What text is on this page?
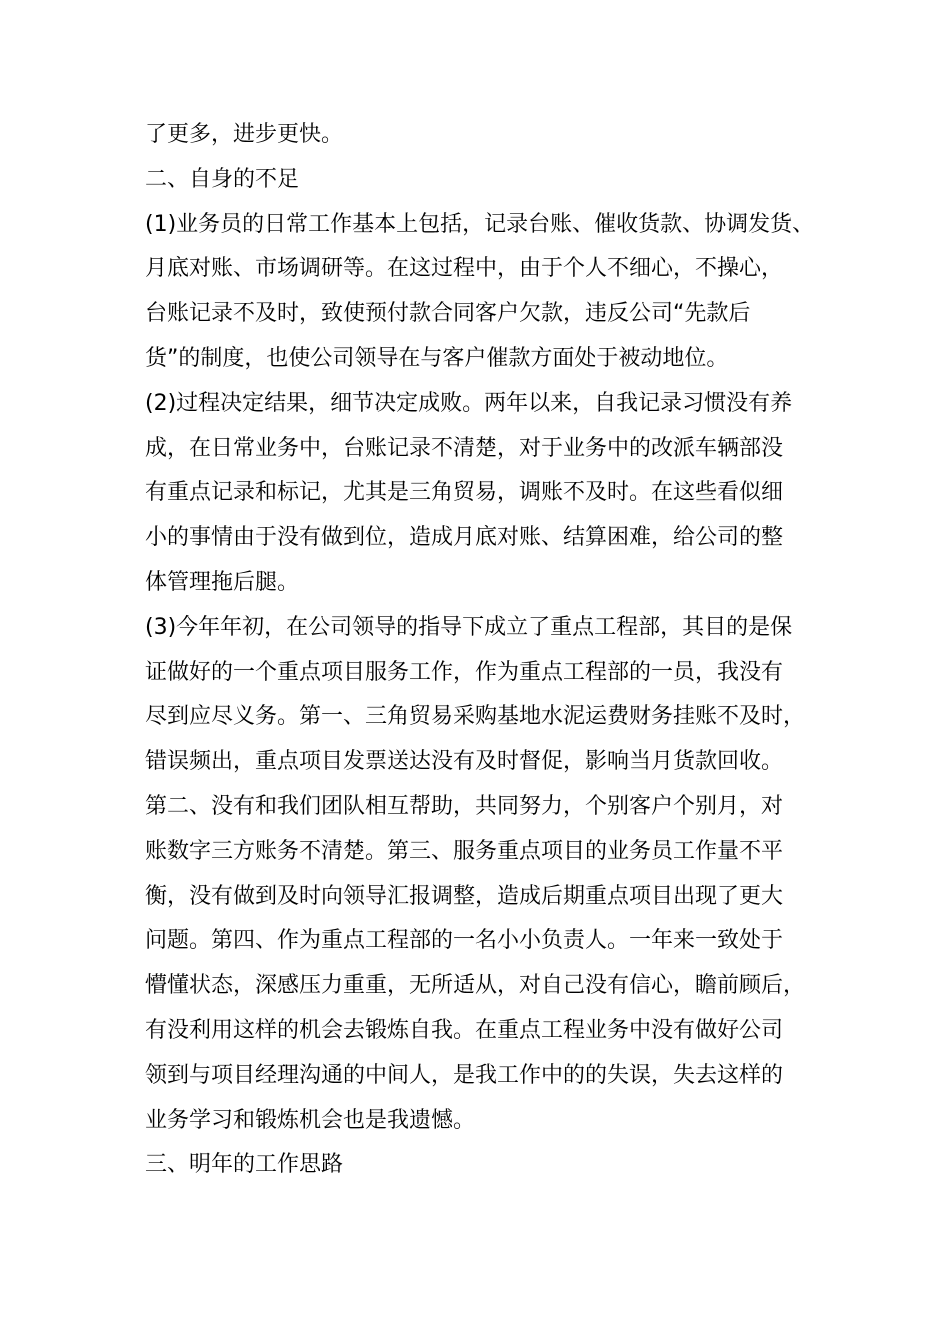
了更多，进步更快。
二、自身的不足
(1)业务员的日常工作基本上包括，记录台账、催收货款、协调发货、
月底对账、市场调研等。在这过程中，由于个人不细心，不操心，
台账记录不及时，致使预付款合同客户欠款，违反公司“先款后
货”的制度，也使公司领导在与客户催款方面处于被动地位。
(2)过程决定结果，细节决定成败。两年以来，自我记录习惯没有养
成，在日常业务中，台账记录不清楚，对于业务中的改派车辆部没
有重点记录和标记，尤其是三角贸易，调账不及时。在这些看似细
小的事情由于没有做到位，造成月底对账、结算困难，给公司的整
体管理拖后腿。
(3)今年年初，在公司领导的指导下成立了重点工程部，其目的是保
证做好的一个重点项目服务工作，作为重点工程部的一员，我没有
尽到应尽义务。第一、三角贸易采购基地水泥运费财务挂账不及时，
错误频出，重点项目发票送达没有及时督促，影响当月货款回收。
第二、没有和我们团队相互帮助，共同努力，个别客户个别月，对
账数字三方账务不清楚。第三、服务重点项目的业务员工作量不平
衡，没有做到及时向领导汇报调整，造成后期重点项目出现了更大
问题。第四、作为重点工程部的一名小小负责人。一年来一致处于
懵懂状态，深感压力重重，无所适从，对自己没有信心，瞻前顾后，
有没利用这样的机会去锻炼自我。在重点工程业务中没有做好公司
领到与项目经理沟通的中间人，是我工作中的的失误，失去这样的
业务学习和锻炼机会也是我遗憾。
三、明年的工作思路
